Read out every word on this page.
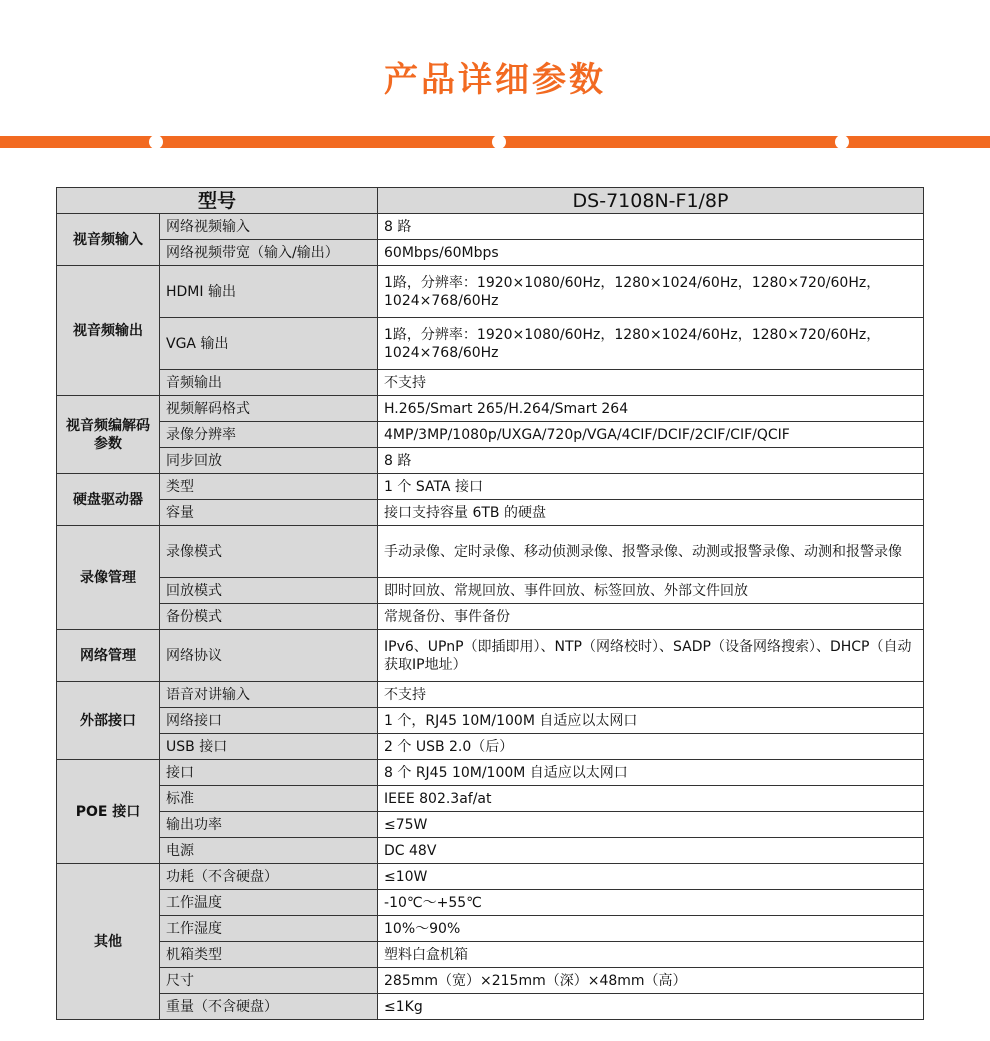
产品详细参数
型号		DS-7108N-F1/8P
视音频输入	网络视频输入	8 路
	网络视频带宽（输入/输出）	60Mbps/60Mbps
视音频输出	HDMI 输出	1路，分辨率：1920×1080/60Hz，1280×1024/60Hz，1280×720/60Hz，1024×768/60Hz
	VGA 输出	1路，分辨率：1920×1080/60Hz，1280×1024/60Hz，1280×720/60Hz，1024×768/60Hz
	音频输出	不支持
视音频编解码参数	视频解码格式	H.265/Smart 265/H.264/Smart 264
	录像分辨率	4MP/3MP/1080p/UXGA/720p/VGA/4CIF/DCIF/2CIF/CIF/QCIF
	同步回放	8 路
硬盘驱动器	类型	1 个 SATA 接口
	容量	接口支持容量 6TB 的硬盘
录像管理	录像模式	手动录像、定时录像、移动侦测录像、报警录像、动测或报警录像、动测和报警录像
	回放模式	即时回放、常规回放、事件回放、标签回放、外部文件回放
	备份模式	常规备份、事件备份
网络管理	网络协议	IPv6、UPnP（即插即用）、NTP（网络校时）、SADP（设备网络搜索）、DHCP（自动获取IP地址）
外部接口	语音对讲输入	不支持
	网络接口	1 个，RJ45 10M/100M 自适应以太网口
	USB 接口	2 个 USB 2.0（后）
POE 接口	接口	8 个 RJ45 10M/100M 自适应以太网口
	标准	IEEE 802.3af/at
	输出功率	≤75W
	电源	DC 48V
其他	功耗（不含硬盘）	≤10W
	工作温度	-10℃～+55℃
	工作湿度	10%～90%
	机箱类型	塑料白盒机箱
	尺寸	285mm（宽）×215mm（深）×48mm（高）
	重量（不含硬盘）	≤1Kg
